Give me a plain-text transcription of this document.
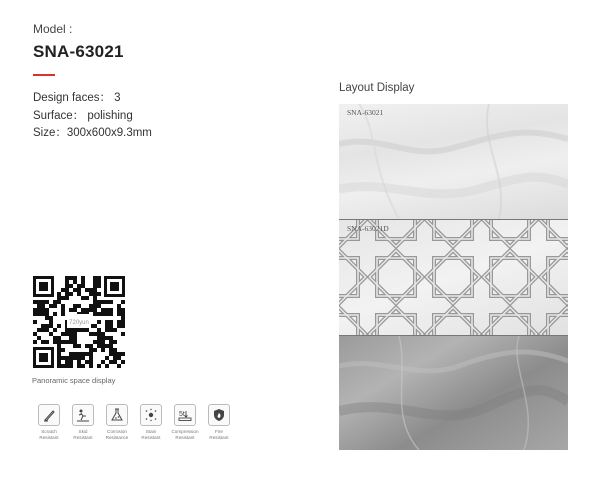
Model :
SNA-63021
Design faces： 3
Surface： polishing
Size：300x600x9.3mm
720yun
Panoramic space display
Scratch
Resistant
Skid
Resistant
Corrosion
Resistance
Stain
Resistant
5t
Compression
Resistant
Fire
Resistant
Layout Display
SNA-63021
SNA-63021D
